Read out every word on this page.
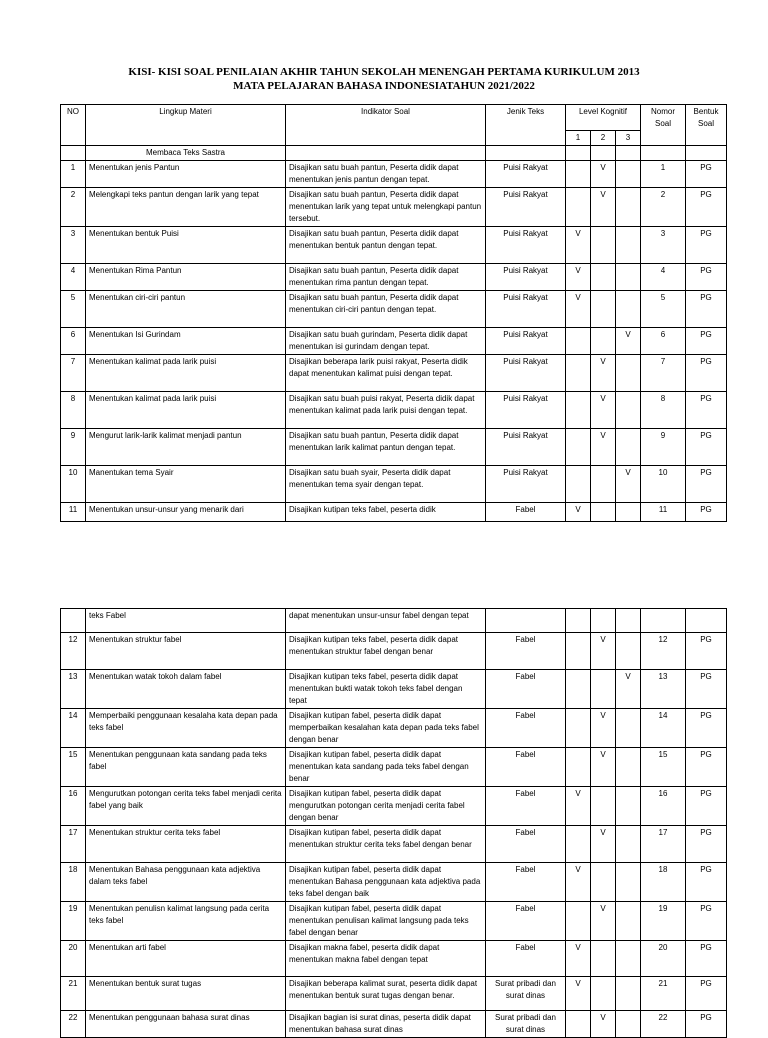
KISI- KISI SOAL PENILAIAN AKHIR TAHUN SEKOLAH MENENGAH PERTAMA KURIKULUM 2013
MATA PELAJARAN BAHASA INDONESIATAHUN 2021/2022
NO	Lingkup Materi	Indikator Soal	Jenik Teks	Level Kognitif			Nomor Soal	Bentuk Soal
				1	2	3		
	Membaca Teks Sastra							
1	Menentukan jenis Pantun	Disajikan satu buah pantun, Peserta didik dapat menentukan jenis pantun dengan tepat.	Puisi Rakyat		V		1	PG
2	Melengkapi teks pantun dengan larik yang tepat	Disajikan satu buah pantun, Peserta didik dapat menentukan larik yang tepat untuk melengkapi pantun tersebut.	Puisi Rakyat		V		2	PG
3	Menentukan bentuk Puisi	Disajikan satu buah pantun, Peserta didik dapat menentukan bentuk pantun dengan tepat.	Puisi Rakyat	V			3	PG
4	Menentukan Rima Pantun	Disajikan satu buah pantun, Peserta didik dapat menentukan rima pantun dengan tepat.	Puisi Rakyat	V			4	PG
5	Menentukan ciri-ciri pantun	Disajikan satu buah pantun, Peserta didik dapat menentukan ciri-ciri pantun dengan tepat.	Puisi Rakyat	V			5	PG
6	Menentukan Isi Gurindam	Disajikan satu buah gurindam, Peserta didik dapat menentukan isi gurindam dengan tepat.	Puisi Rakyat			V	6	PG
7	Menentukan kalimat pada larik puisi	Disajikan beberapa larik puisi rakyat, Peserta didik dapat menentukan kalimat puisi dengan tepat.	Puisi Rakyat		V		7	PG
8	Menentukan kalimat pada larik puisi	Disajikan satu buah puisi rakyat, Peserta didik dapat menentukan kalimat pada larik puisi dengan tepat.	Puisi Rakyat		V		8	PG
9	Mengurut larik-larik kalimat menjadi pantun	Disajikan satu buah pantun, Peserta didik dapat menentukan larik kalimat pantun dengan tepat.	Puisi Rakyat		V		9	PG
10	Manentukan tema Syair	Disajikan satu buah syair, Peserta didik dapat menentukan tema syair dengan tepat.	Puisi Rakyat			V	10	PG
11	Menentukan unsur-unsur yang menarik dari	Disajikan kutipan teks fabel, peserta didik	Fabel	V			11	PG
	teks Fabel	dapat menentukan unsur-unsur fabel dengan tepat						
12	Menentukan struktur fabel	Disajikan kutipan teks fabel, peserta didik dapat menentukan struktur fabel dengan benar	Fabel		V		12	PG
13	Menentukan watak tokoh dalam fabel	Disajikan kutipan teks fabel, peserta didik dapat menentukan bukti watak tokoh teks fabel dengan tepat	Fabel			V	13	PG
14	Memperbaiki penggunaan kesalaha kata depan pada teks fabel	Disajikan kutipan fabel, peserta didik dapat memperbaikan kesalahan kata depan pada teks fabel dengan benar	Fabel		V		14	PG
15	Menentukan penggunaan kata sandang pada teks fabel	Disajikan kutipan fabel, peserta didik dapat menentukan kata sandang pada teks fabel dengan benar	Fabel		V		15	PG
16	Mengurutkan potongan cerita teks fabel menjadi cerita fabel yang baik	Disajikan kutipan fabel, peserta didik dapat mengurutkan potongan cerita menjadi cerita fabel dengan benar	Fabel	V			16	PG
17	Menentukan struktur cerita teks fabel	Disajikan kutipan fabel, peserta didik dapat menentukan struktur cerita teks fabel dengan benar	Fabel		V		17	PG
18	Menentukan Bahasa penggunaan kata adjektiva dalam teks fabel	Disajikan kutipan fabel, peserta didik dapat menentukan Bahasa penggunaan kata adjektiva pada teks fabel dengan baik	Fabel	V			18	PG
19	Menentukan penulisn kalimat langsung pada cerita teks fabel	Disajikan kutipan fabel, peserta didik dapat menentukan penulisan kalimat langsung pada teks fabel dengan benar	Fabel		V		19	PG
20	Menentukan arti fabel	Disajikan makna fabel, peserta didik dapat menentukan makna fabel dengan tepat	Fabel	V			20	PG
21	Menentukan bentuk surat tugas	Disajikan beberapa kalimat surat, peserta didik dapat menentukan bentuk surat tugas dengan benar.	Surat pribadi dan surat dinas	V			21	PG
22	Menentukan penggunaan bahasa surat dinas	Disajikan bagian isi surat dinas, peserta didik dapat menentukan bahasa surat dinas	Surat pribadi dan surat dinas		V		22	PG
